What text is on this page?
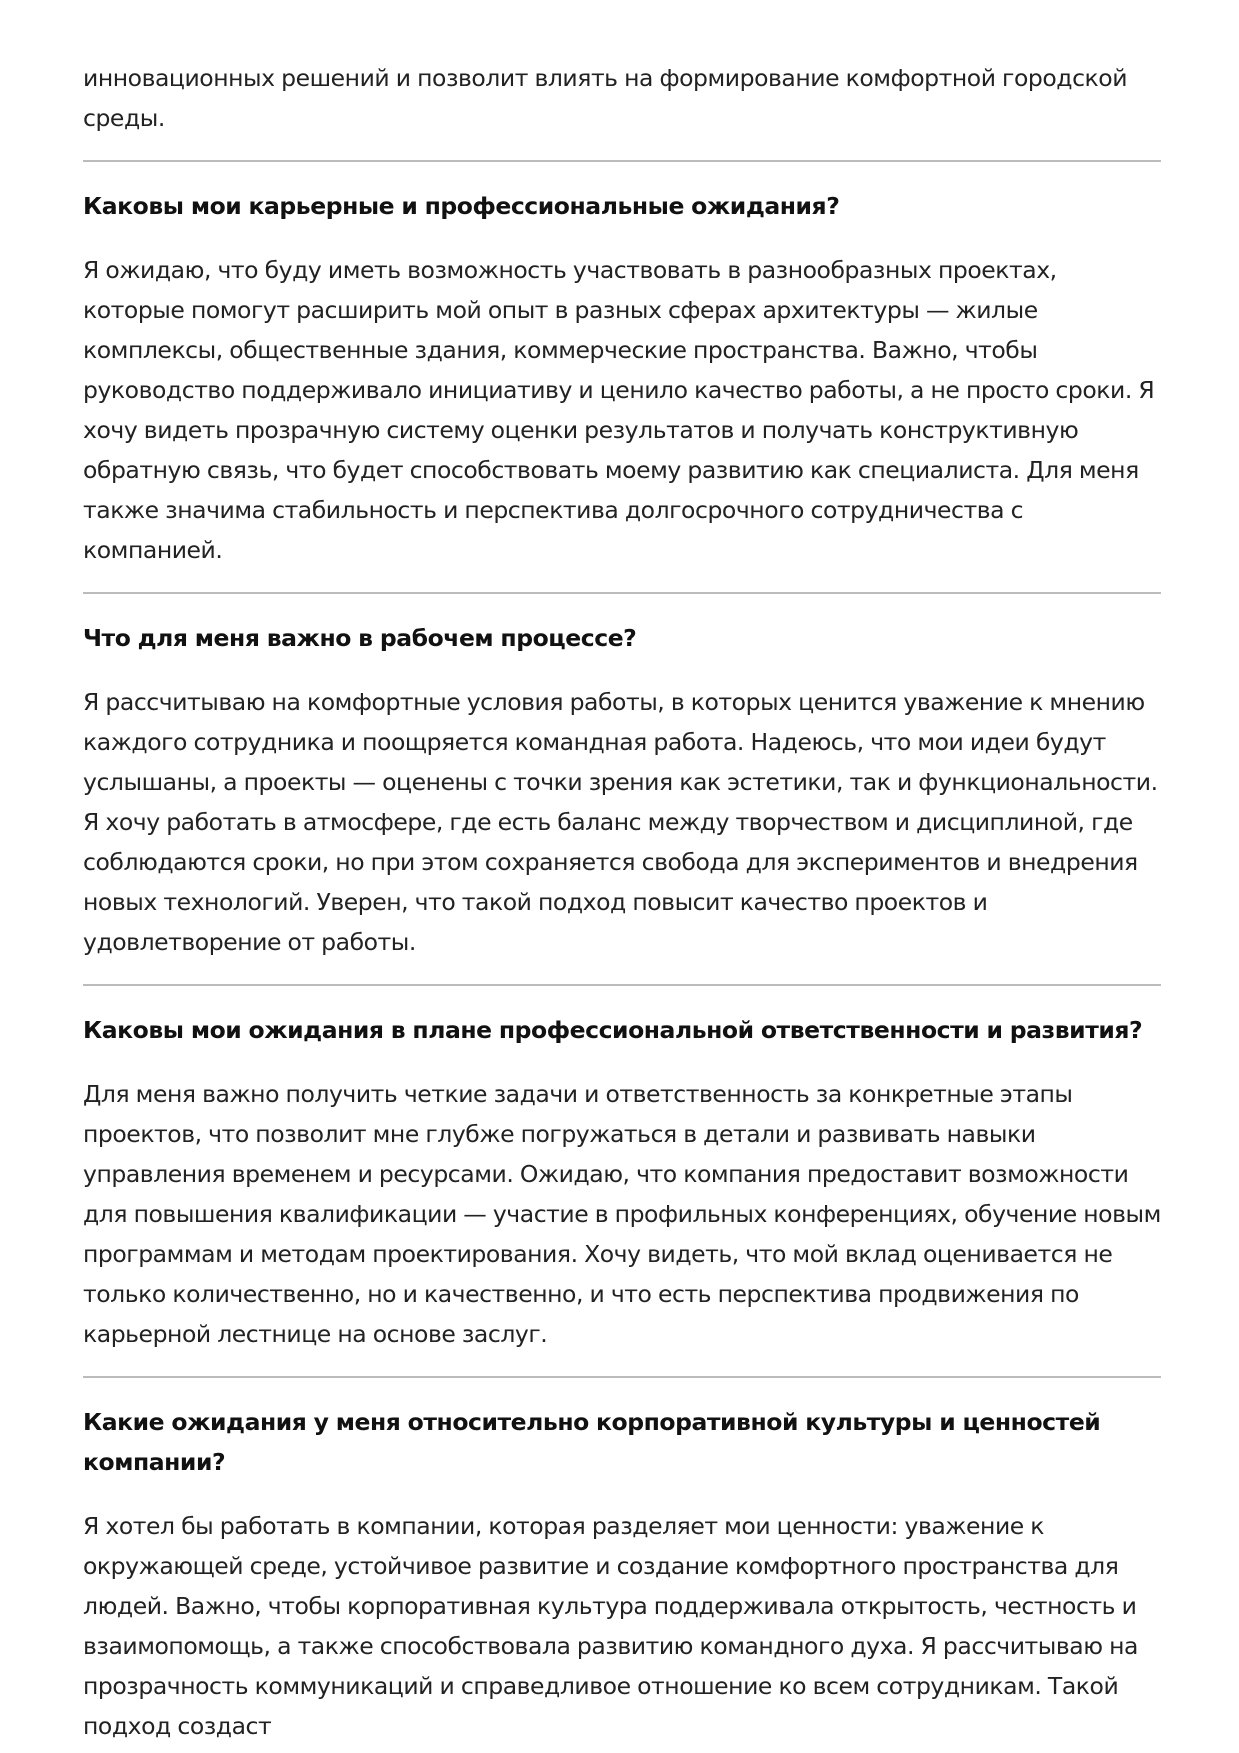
инновационных решений и позволит влиять на формирование комфортной городской среды.

Каковы мои карьерные и профессиональные ожидания?

Я ожидаю, что буду иметь возможность участвовать в разнообразных проектах, которые помогут расширить мой опыт в разных сферах архитектуры — жилые комплексы, общественные здания, коммерческие пространства. Важно, чтобы руководство поддерживало инициативу и ценило качество работы, а не просто сроки. Я хочу видеть прозрачную систему оценки результатов и получать конструктивную обратную связь, что будет способствовать моему развитию как специалиста. Для меня также значима стабильность и перспектива долгосрочного сотрудничества с компанией.

Что для меня важно в рабочем процессе?

Я рассчитываю на комфортные условия работы, в которых ценится уважение к мнению каждого сотрудника и поощряется командная работа. Надеюсь, что мои идеи будут услышаны, а проекты — оценены с точки зрения как эстетики, так и функциональности. Я хочу работать в атмосфере, где есть баланс между творчеством и дисциплиной, где соблюдаются сроки, но при этом сохраняется свобода для экспериментов и внедрения новых технологий. Уверен, что такой подход повысит качество проектов и удовлетворение от работы.

Каковы мои ожидания в плане профессиональной ответственности и развития?

Для меня важно получить четкие задачи и ответственность за конкретные этапы проектов, что позволит мне глубже погружаться в детали и развивать навыки управления временем и ресурсами. Ожидаю, что компания предоставит возможности для повышения квалификации — участие в профильных конференциях, обучение новым программам и методам проектирования. Хочу видеть, что мой вклад оценивается не только количественно, но и качественно, и что есть перспектива продвижения по карьерной лестнице на основе заслуг.

Какие ожидания у меня относительно корпоративной культуры и ценностей компании?

Я хотел бы работать в компании, которая разделяет мои ценности: уважение к окружающей среде, устойчивое развитие и создание комфортного пространства для людей. Важно, чтобы корпоративная культура поддерживала открытость, честность и взаимопомощь, а также способствовала развитию командного духа. Я рассчитываю на прозрачность коммуникаций и справедливое отношение ко всем сотрудникам. Такой подход создаст
